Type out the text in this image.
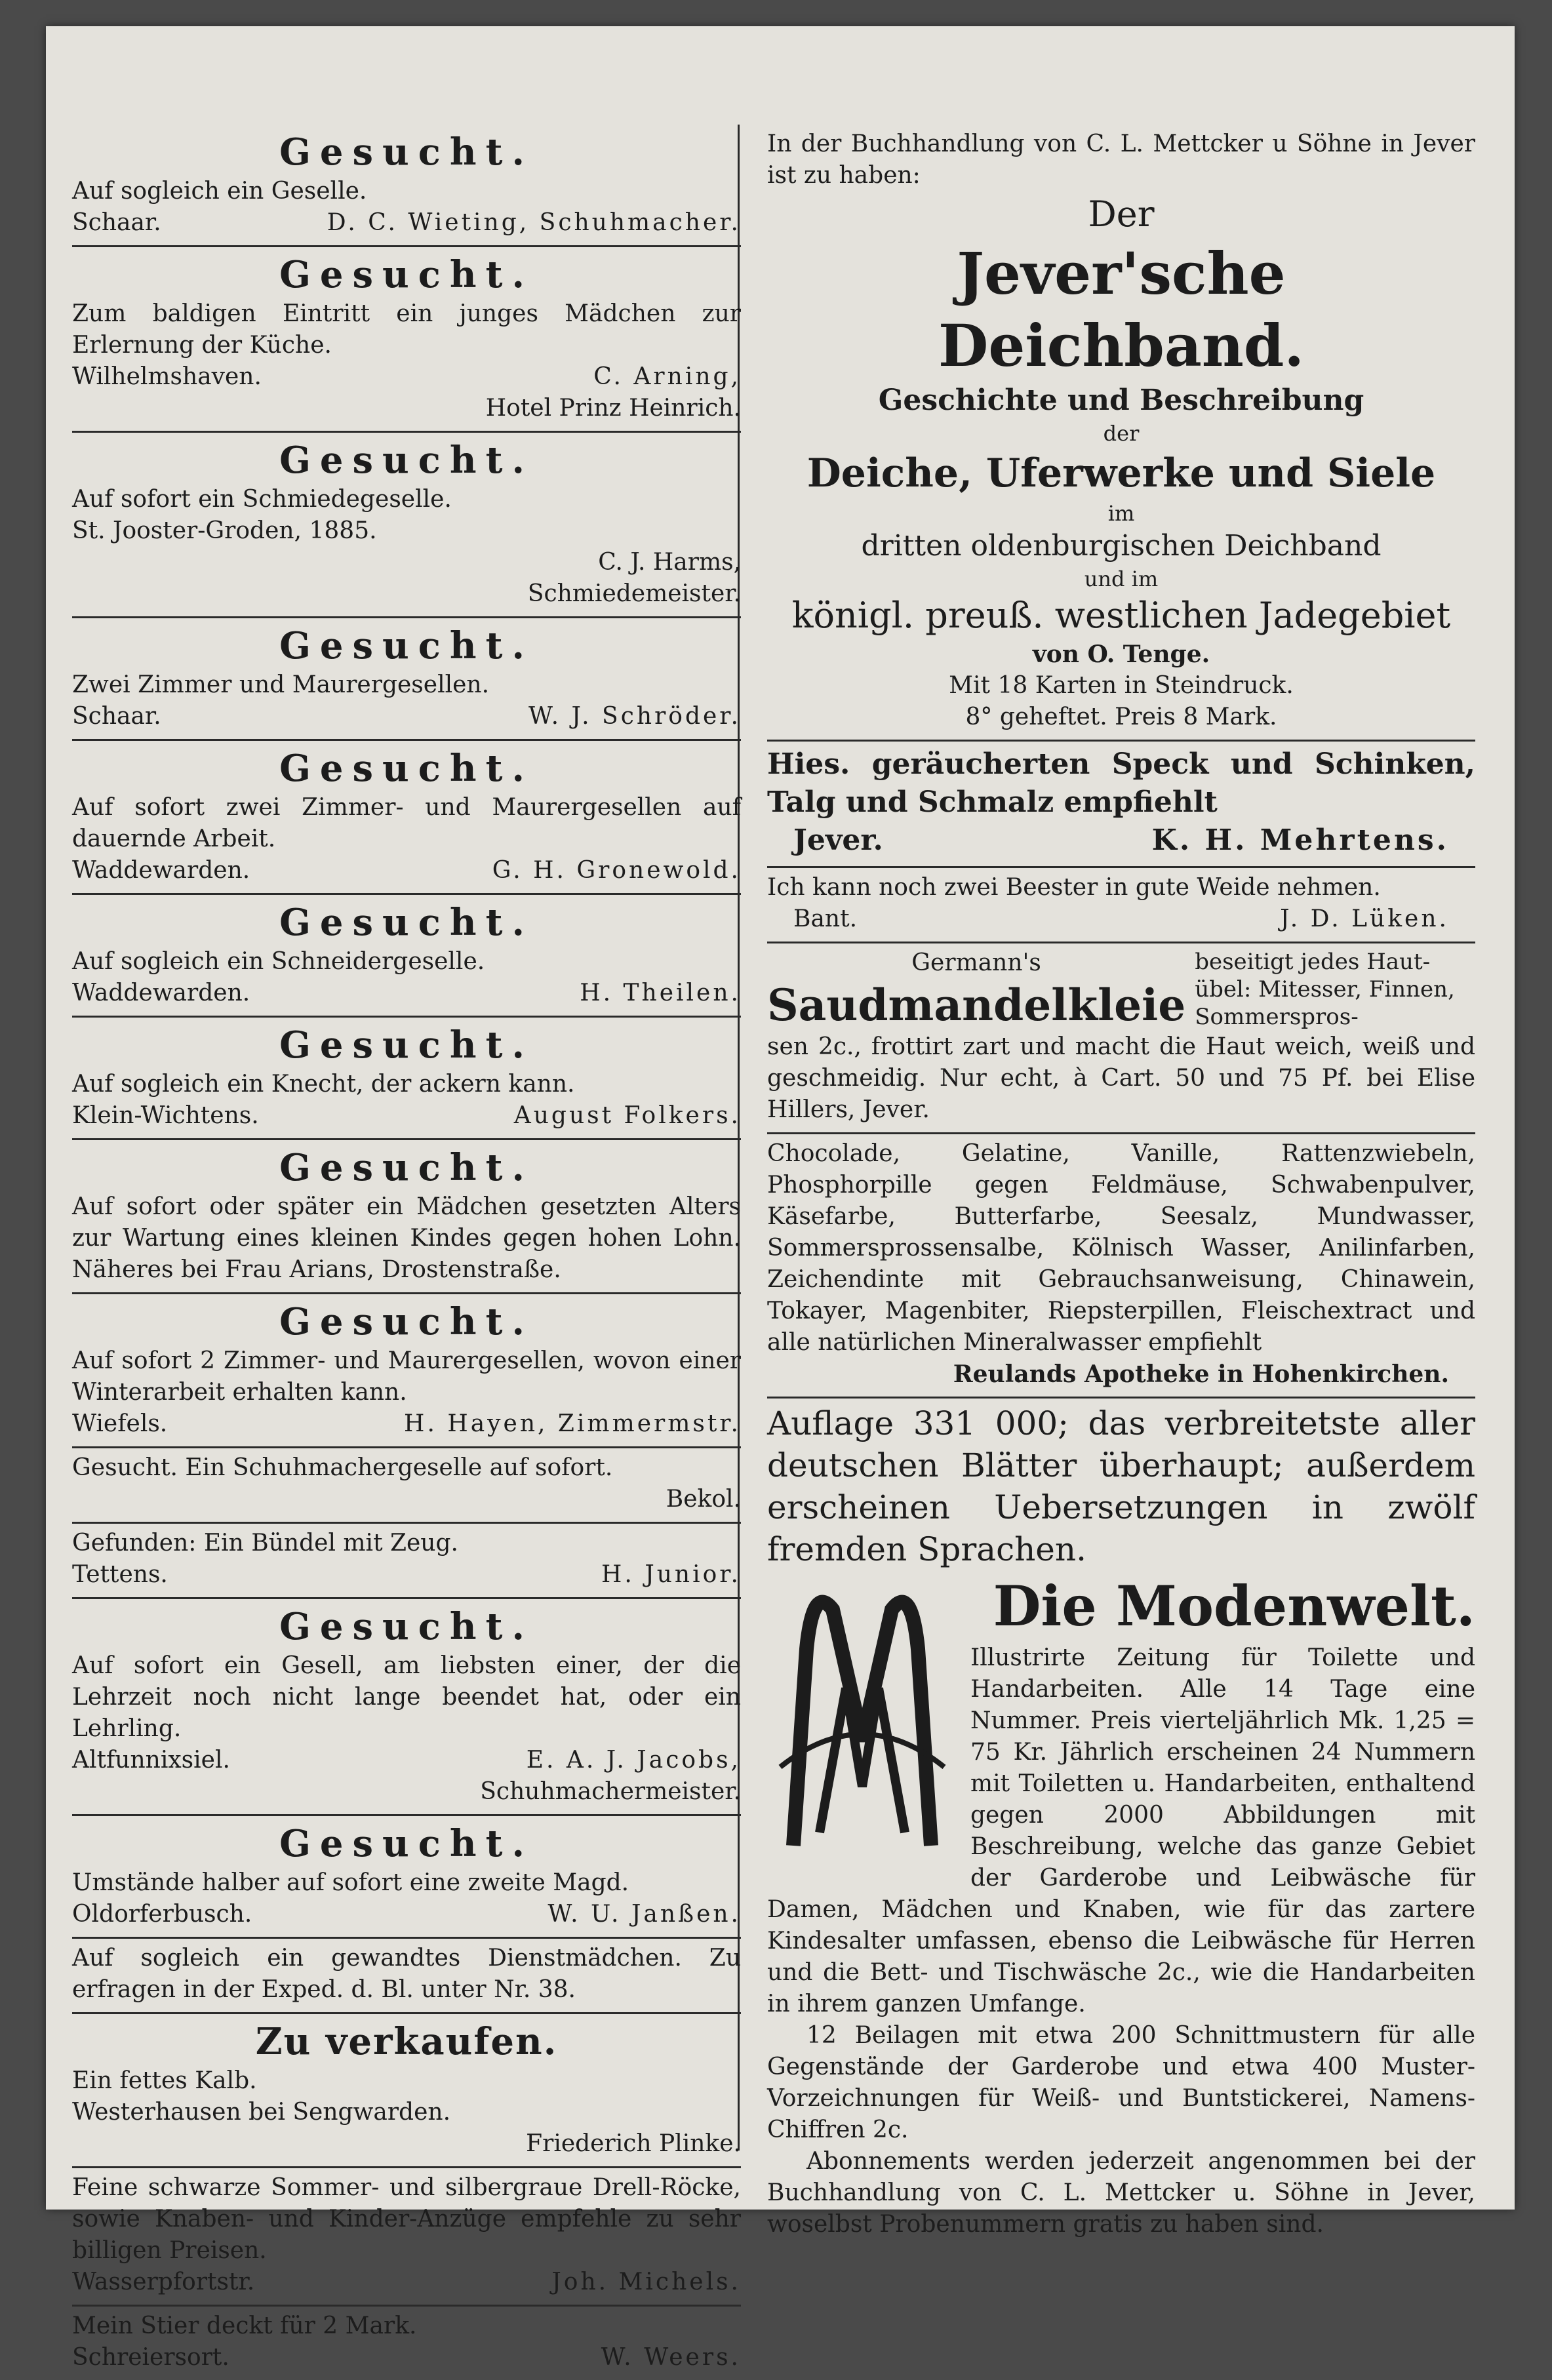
Gesucht.
Auf sogleich ein Geselle.
Schaar.	D. C. Wieting, Schuhmacher.
Gesucht.
Zum baldigen Eintritt ein junges Mädchen zur Erlernung der Küche.
Wilhelmshaven.	C. Arning,
Hotel Prinz Heinrich.
Gesucht.
Auf sofort ein Schmiedegeselle.
St. Jooster-Groden, 1885.
C. J. Harms,
Schmiedemeister.
Gesucht.
Zwei Zimmer und Maurergesellen.
Schaar.	W. J. Schröder.
Gesucht.
Auf sofort zwei Zimmer- und Maurergesellen auf dauernde Arbeit.
Waddewarden.	G. H. Gronewold.
Gesucht.
Auf sogleich ein Schneidergeselle.
Waddewarden.	H. Theilen.
Gesucht.
Auf sogleich ein Knecht, der ackern kann.
Klein-Wichtens.	August Folkers.
Gesucht.
Auf sofort oder später ein Mädchen gesetzten Alters zur Wartung eines kleinen Kindes gegen hohen Lohn. Näheres bei Frau Arians, Drostenstraße.
Gesucht.
Auf sofort 2 Zimmer- und Maurergesellen, wovon einer Winterarbeit erhalten kann.
Wiefels.	H. Hayen, Zimmermstr.
Gesucht. Ein Schuhmachergeselle auf sofort.
Bekol.
Gefunden: Ein Bündel mit Zeug.
Tettens.	H. Junior.
Gesucht.
Auf sofort ein Gesell, am liebsten einer, der die Lehrzeit noch nicht lange beendet hat, oder ein Lehrling.
Altfunnixsiel.	E. A. J. Jacobs,
Schuhmachermeister.
Gesucht.
Umstände halber auf sofort eine zweite Magd.
Oldorferbusch.	W. U. Janßen.
Auf sogleich ein gewandtes Dienstmädchen. Zu erfragen in der Exped. d. Bl. unter Nr. 38.
Zu verkaufen.
Ein fettes Kalb.
Westerhausen bei Sengwarden.
Friederich Plinke.
Feine schwarze Sommer- und silbergraue Drell-Röcke, sowie Knaben- und Kinder-Anzüge empfehle zu sehr billigen Preisen.
Wasserpfortstr.	Joh. Michels.
Mein Stier deckt für 2 Mark.
Schreiersort.	W. Weers.
In der Buchhandlung von C. L. Mettcker u Söhne in Jever ist zu haben:
Der
Jever'sche Deichband.
Geschichte und Beschreibung
der
Deiche, Uferwerke und Siele
im
dritten oldenburgischen Deichband
und im
königl. preuß. westlichen Jadegebiet
von O. Tenge.
Mit 18 Karten in Steindruck.
8° geheftet. Preis 8 Mark.
Hies. geräucherten Speck und Schinken, Talg und Schmalz empfiehlt
Jever.	K. H. Mehrtens.
Ich kann noch zwei Beester in gute Weide nehmen.
Bant.	J. D. Lüken.
Germann's
Saudmandelkleie
beseitigt jedes Haut-übel: Mitesser, Finnen, Sommerspros-
sen 2c., frottirt zart und macht die Haut weich, weiß und geschmeidig. Nur echt, à Cart. 50 und 75 Pf. bei Elise Hillers, Jever.
Chocolade, Gelatine, Vanille, Rattenzwiebeln, Phosphorpille gegen Feldmäuse, Schwabenpulver, Käsefarbe, Butterfarbe, Seesalz, Mundwasser, Sommersprossensalbe, Kölnisch Wasser, Anilinfarben, Zeichendinte mit Gebrauchsanweisung, Chinawein, Tokayer, Magenbiter, Riepsterpillen, Fleischextract und alle natürlichen Mineralwasser empfiehlt
Reulands Apotheke in Hohenkirchen.
Auflage 331 000; das verbreitetste aller deutschen Blätter überhaupt; außerdem erscheinen Uebersetzungen in zwölf fremden Sprachen.
Die Modenwelt.
Illustrirte Zeitung für Toilette und Handarbeiten. Alle 14 Tage eine Nummer. Preis vierteljährlich Mk. 1,25 = 75 Kr. Jährlich erscheinen 24 Nummern mit Toiletten u. Handarbeiten, enthaltend gegen 2000 Abbildungen mit Beschreibung, welche das ganze Gebiet der Garderobe und Leibwäsche für Damen, Mädchen und Knaben, wie für das zartere Kindesalter umfassen, ebenso die Leibwäsche für Herren und die Bett- und Tischwäsche 2c., wie die Handarbeiten in ihrem ganzen Umfange.
12 Beilagen mit etwa 200 Schnittmustern für alle Gegenstände der Garderobe und etwa 400 Muster-Vorzeichnungen für Weiß- und Buntstickerei, Namens-Chiffren 2c.
Abonnements werden jederzeit angenommen bei der Buchhandlung von C. L. Mettcker u. Söhne in Jever, woselbst Probenummern gratis zu haben sind.
